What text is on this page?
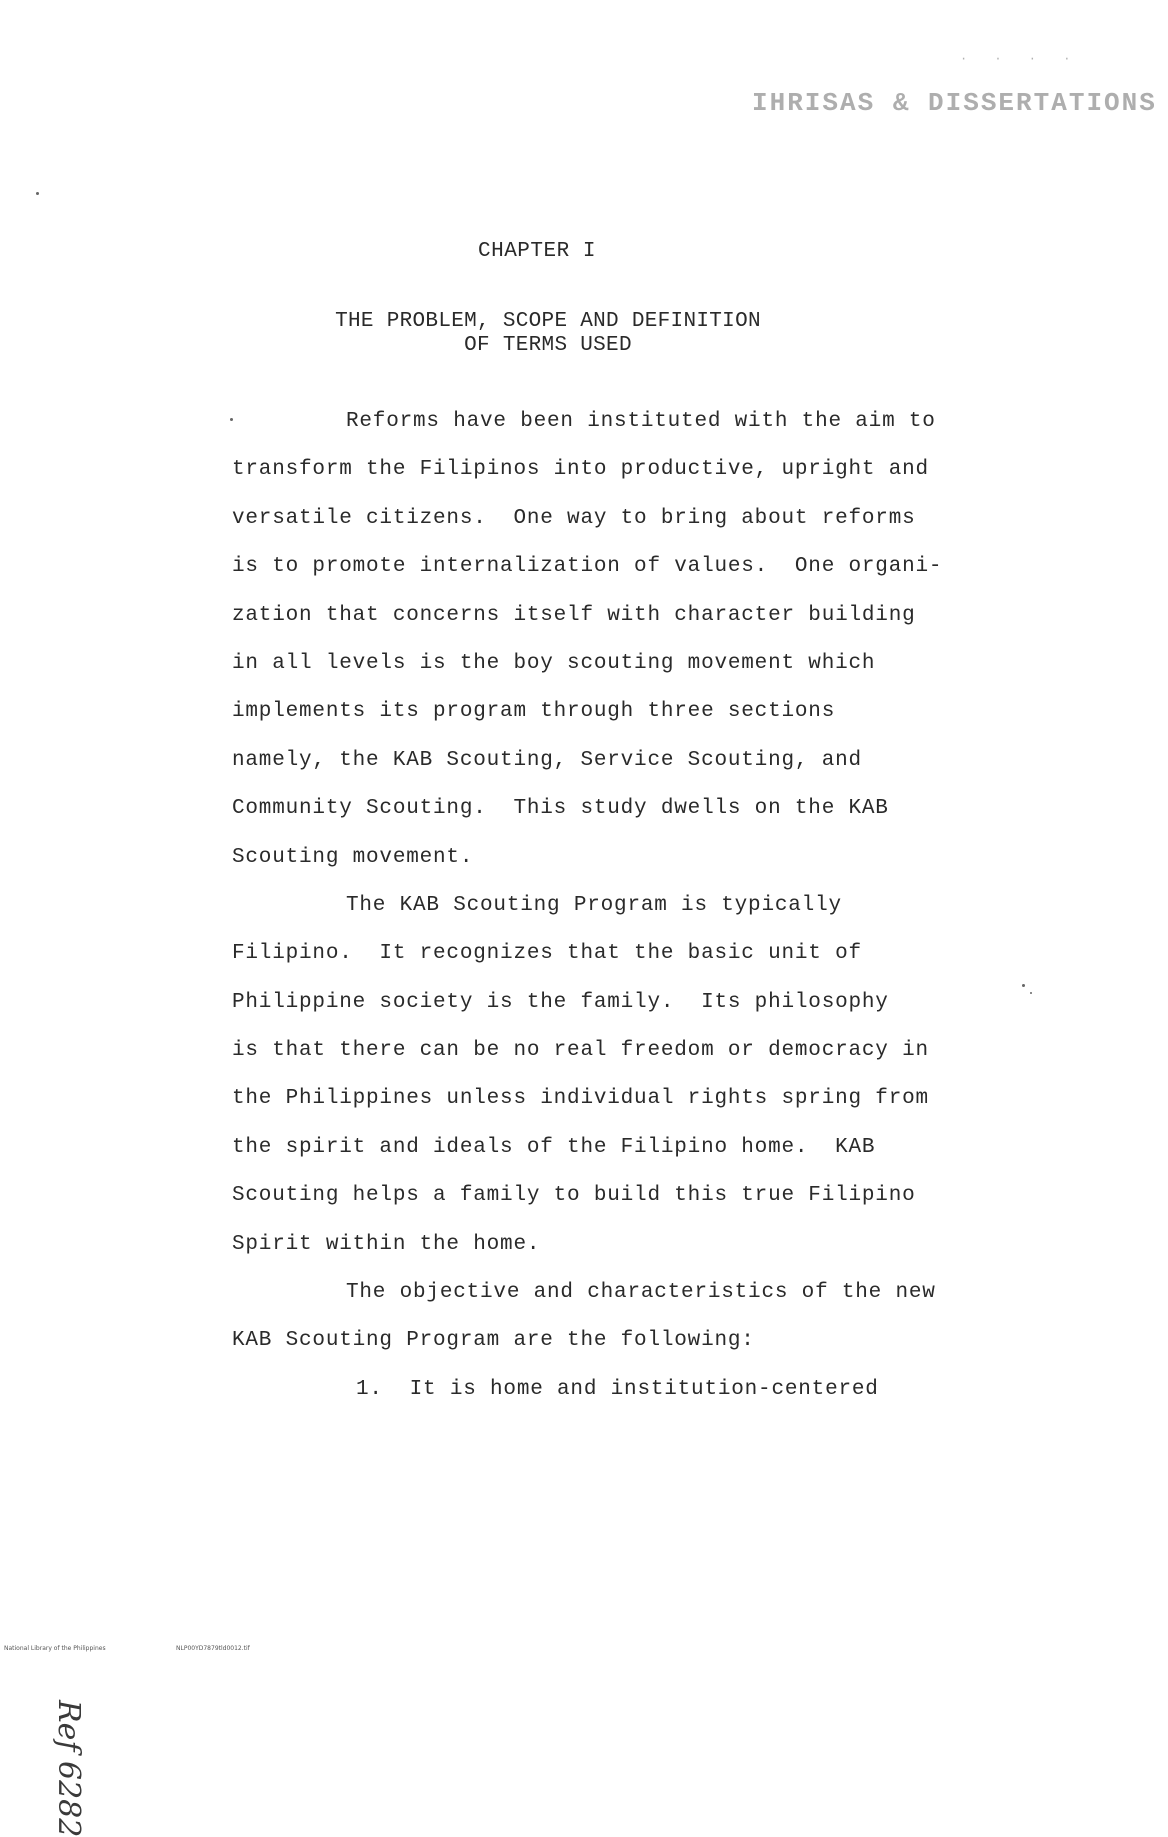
· · · ·
IHRISAS & DISSERTATIONS
CHAPTER I
THE PROBLEM, SCOPE AND DEFINITION
OF TERMS USED
Reforms have been instituted with the aim to
transform the Filipinos into productive, upright and
versatile citizens.  One way to bring about reforms
is to promote internalization of values.  One organi-
zation that concerns itself with character building
in all levels is the boy scouting movement which
implements its program through three sections
namely, the KAB Scouting, Service Scouting, and
Community Scouting.  This study dwells on the KAB
Scouting movement.
The KAB Scouting Program is typically
Filipino.  It recognizes that the basic unit of
Philippine society is the family.  Its philosophy
is that there can be no real freedom or democracy in
the Philippines unless individual rights spring from
the spirit and ideals of the Filipino home.  KAB
Scouting helps a family to build this true Filipino
Spirit within the home.
The objective and characteristics of the new
KAB Scouting Program are the following:
1.  It is home and institution-centered
Ref 6282
National Library of the Philippines	NLP00YD7879tld0012.tif
